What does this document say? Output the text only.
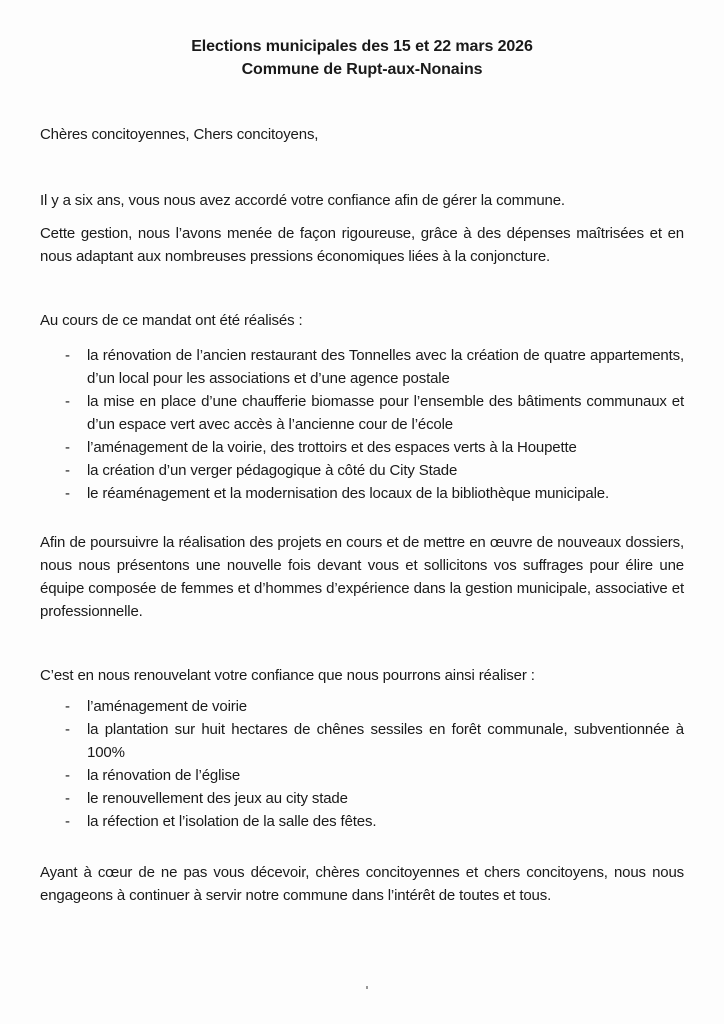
Elections municipales des 15 et 22 mars 2026
Commune de Rupt-aux-Nonains

Chères concitoyennes, Chers concitoyens,

Il y a six ans, vous nous avez accordé votre confiance afin de gérer la commune.

Cette gestion, nous l’avons menée de façon rigoureuse, grâce à des dépenses maîtrisées et en nous adaptant aux nombreuses pressions économiques liées à la conjoncture.

Au cours de ce mandat ont été réalisés :

-	la rénovation de l’ancien restaurant des Tonnelles avec la création de quatre appartements, d’un local pour les associations et d’une agence postale
-	la mise en place d’une chaufferie biomasse pour l’ensemble des bâtiments communaux et d’un espace vert avec accès à l’ancienne cour de l’école
-	l’aménagement de la voirie, des trottoirs et des espaces verts à la Houpette
-	la création d’un verger pédagogique à côté du City Stade
-	le réaménagement et la modernisation des locaux de la bibliothèque municipale.

Afin de poursuivre la réalisation des projets en cours et de mettre en œuvre de nouveaux dossiers, nous nous présentons une nouvelle fois devant vous et sollicitons vos suffrages pour élire une équipe composée de femmes et d’hommes d’expérience dans la gestion municipale, associative et professionnelle.

C’est en nous renouvelant votre confiance que nous pourrons ainsi réaliser :

-	l’aménagement de voirie
-	la plantation sur huit hectares de chênes sessiles en forêt communale, subventionnée à 100%
-	la rénovation de l’église
-	le renouvellement des jeux au city stade
-	la réfection et l’isolation de la salle des fêtes.

Ayant à cœur de ne pas vous décevoir, chères concitoyennes et chers concitoyens, nous nous engageons à continuer à servir notre commune dans l’intérêt de toutes et tous.
